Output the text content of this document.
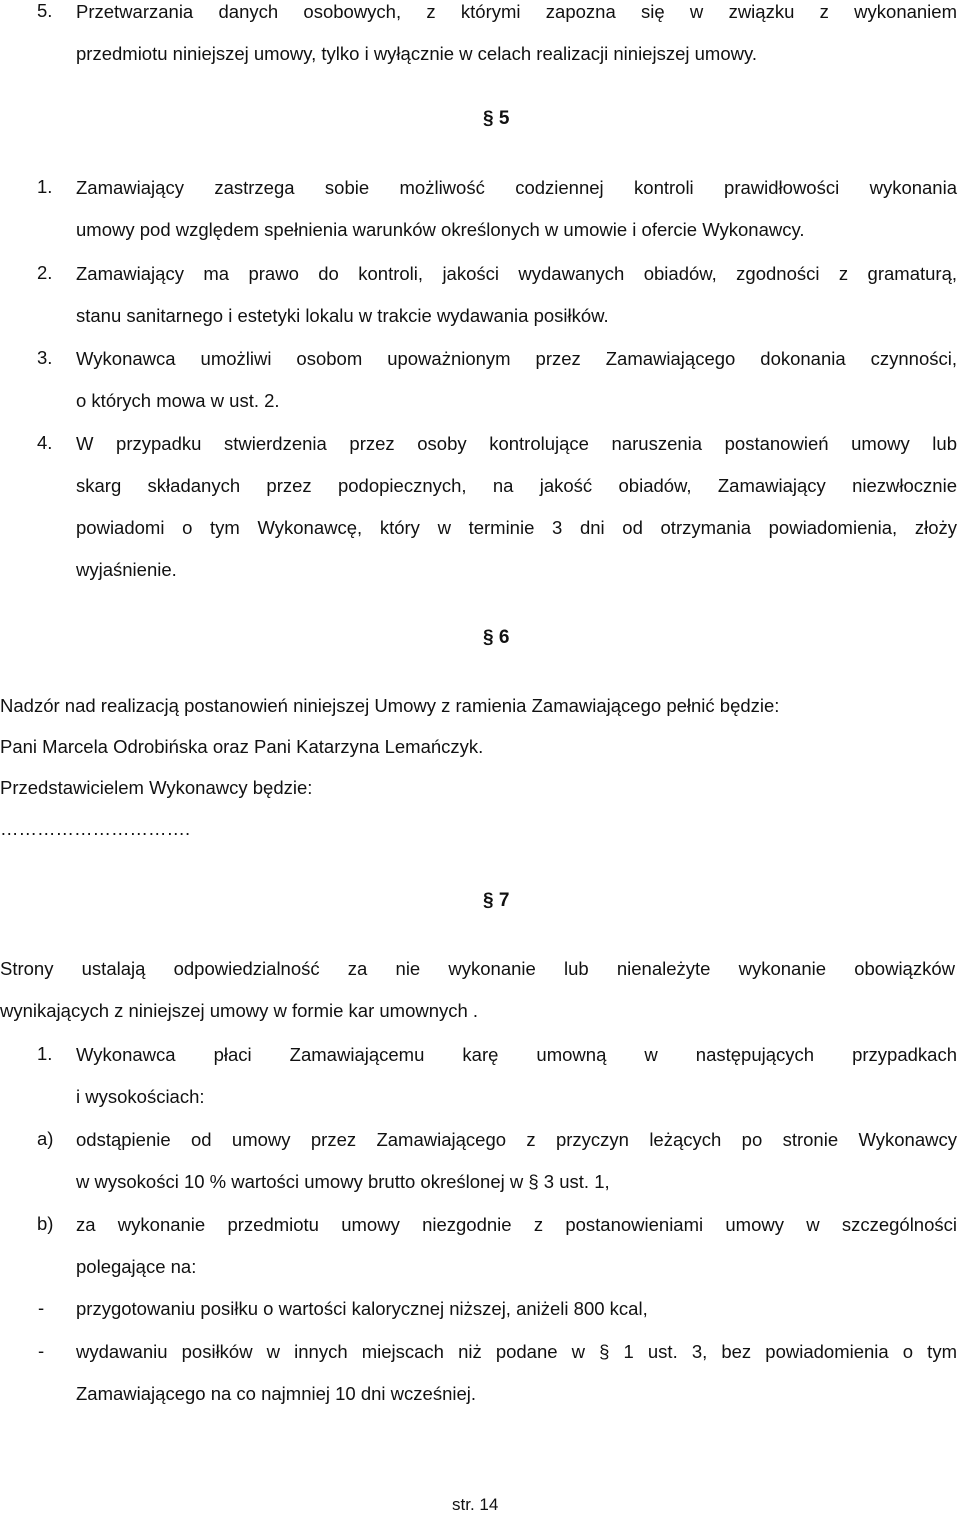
5.	Przetwarzania danych osobowych, z którymi zapozna się w związku z wykonaniem
przedmiotu niniejszej umowy, tylko i wyłącznie w celach realizacji niniejszej umowy.
§ 5
1.	Zamawiający zastrzega sobie możliwość codziennej kontroli prawidłowości wykonania
umowy pod względem spełnienia warunków określonych w umowie i ofercie Wykonawcy.
2.	Zamawiający ma prawo do kontroli, jakości wydawanych obiadów, zgodności z gramaturą,
stanu sanitarnego i estetyki lokalu w trakcie wydawania posiłków.
3.	Wykonawca umożliwi osobom upoważnionym przez Zamawiającego dokonania czynności,
o których mowa w ust. 2.
4.	W przypadku stwierdzenia przez osoby kontrolujące naruszenia postanowień umowy lub
skarg składanych przez podopiecznych, na jakość obiadów, Zamawiający niezwłocznie
powiadomi o tym Wykonawcę, który w terminie 3 dni od otrzymania powiadomienia, złoży
wyjaśnienie.
§ 6
Nadzór nad realizacją postanowień niniejszej Umowy z ramienia Zamawiającego pełnić będzie:
Pani Marcela Odrobińska oraz Pani Katarzyna Lemańczyk.
Przedstawicielem Wykonawcy będzie:
………………………….
§ 7
Strony ustalają odpowiedzialność za nie wykonanie lub nienależyte wykonanie obowiązków
wynikających z niniejszej umowy w formie kar umownych .
1.	Wykonawca płaci Zamawiającemu karę umowną w następujących przypadkach
i wysokościach:
a)	odstąpienie od umowy przez Zamawiającego z przyczyn leżących po stronie Wykonawcy
w wysokości 10 % wartości umowy brutto określonej w § 3 ust. 1,
b)	za wykonanie przedmiotu umowy niezgodnie z postanowieniami umowy w szczególności
polegające na:
-	przygotowaniu posiłku o wartości kalorycznej niższej, aniżeli 800 kcal,
-	wydawaniu posiłków w innych miejscach niż podane w § 1 ust. 3, bez powiadomienia o tym
Zamawiającego na co najmniej 10 dni wcześniej.
str. 14
